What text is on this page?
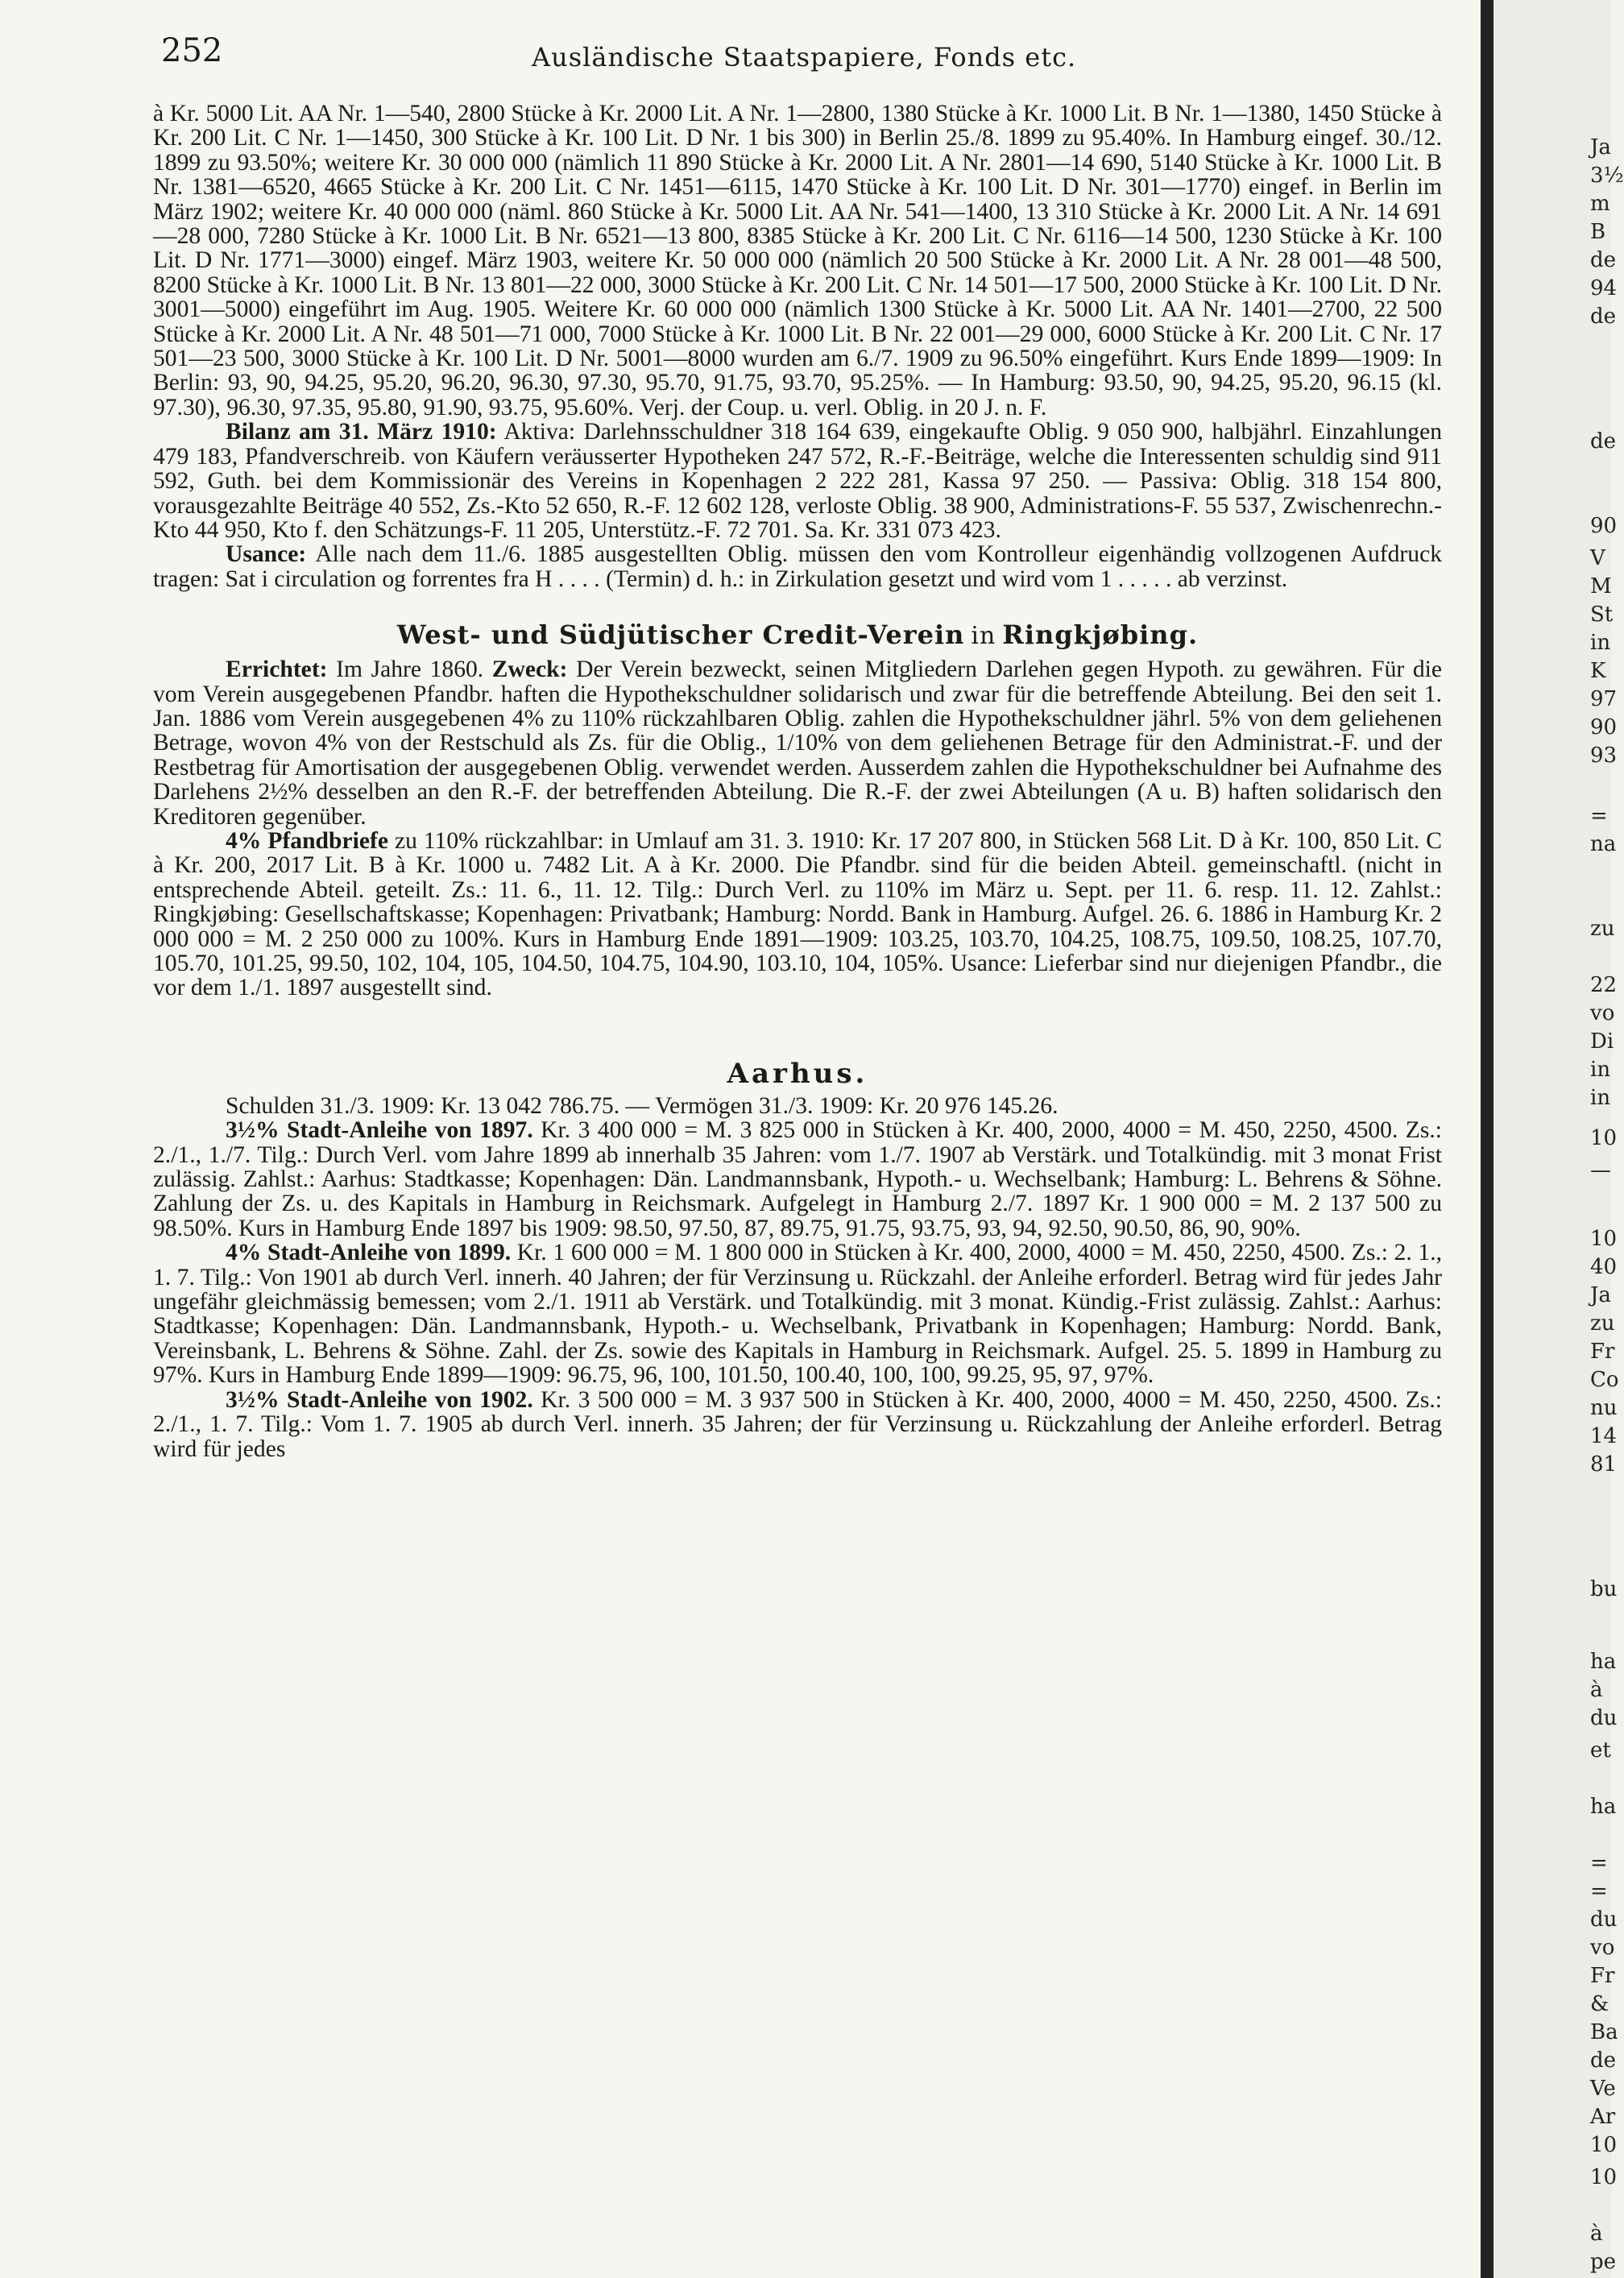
252	Ausländische Staatspapiere, Fonds etc.

à Kr. 5000 Lit. AA Nr. 1—540, 2800 Stücke à Kr. 2000 Lit. A Nr. 1—2800, 1380 Stücke à Kr. 1000 Lit. B Nr. 1—1380, 1450 Stücke à Kr. 200 Lit. C Nr. 1—1450, 300 Stücke à Kr. 100 Lit. D Nr. 1 bis 300) in Berlin 25./8. 1899 zu 95.40%. In Hamburg eingef. 30./12. 1899 zu 93.50%; weitere Kr. 30 000 000 (nämlich 11 890 Stücke à Kr. 2000 Lit. A Nr. 2801—14 690, 5140 Stücke à Kr. 1000 Lit. B Nr. 1381—6520, 4665 Stücke à Kr. 200 Lit. C Nr. 1451—6115, 1470 Stücke à Kr. 100 Lit. D Nr. 301—1770) eingef. in Berlin im März 1902; weitere Kr. 40 000 000 (näml. 860 Stücke à Kr. 5000 Lit. AA Nr. 541—1400, 13 310 Stücke à Kr. 2000 Lit. A Nr. 14 691—28 000, 7280 Stücke à Kr. 1000 Lit. B Nr. 6521—13 800, 8385 Stücke à Kr. 200 Lit. C Nr. 6116—14 500, 1230 Stücke à Kr. 100 Lit. D Nr. 1771—3000) eingef. März 1903, weitere Kr. 50 000 000 (nämlich 20 500 Stücke à Kr. 2000 Lit. A Nr. 28 001—48 500, 8200 Stücke à Kr. 1000 Lit. B Nr. 13 801—22 000, 3000 Stücke à Kr. 200 Lit. C Nr. 14 501—17 500, 2000 Stücke à Kr. 100 Lit. D Nr. 3001—5000) eingeführt im Aug. 1905. Weitere Kr. 60 000 000 (nämlich 1300 Stücke à Kr. 5000 Lit. AA Nr. 1401—2700, 22 500 Stücke à Kr. 2000 Lit. A Nr. 48 501—71 000, 7000 Stücke à Kr. 1000 Lit. B Nr. 22 001—29 000, 6000 Stücke à Kr. 200 Lit. C Nr. 17 501—23 500, 3000 Stücke à Kr. 100 Lit. D Nr. 5001—8000 wurden am 6./7. 1909 zu 96.50% eingeführt. Kurs Ende 1899—1909: In Berlin: 93, 90, 94.25, 95.20, 96.20, 96.30, 97.30, 95.70, 91.75, 93.70, 95.25%. — In Hamburg: 93.50, 90, 94.25, 95.20, 96.15 (kl. 97.30), 96.30, 97.35, 95.80, 91.90, 93.75, 95.60%. Verj. der Coup. u. verl. Oblig. in 20 J. n. F.

Bilanz am 31. März 1910: Aktiva: Darlehnsschuldner 318 164 639, eingekaufte Oblig. 9 050 900, halbjährl. Einzahlungen 479 183, Pfandverschreib. von Käufern veräusserter Hypotheken 247 572, R.-F.-Beiträge, welche die Interessenten schuldig sind 911 592, Guth. bei dem Kommissionär des Vereins in Kopenhagen 2 222 281, Kassa 97 250. — Passiva: Oblig. 318 154 800, vorausgezahlte Beiträge 40 552, Zs.-Kto 52 650, R.-F. 12 602 128, verloste Oblig. 38 900, Administrations-F. 55 537, Zwischenrechn.-Kto 44 950, Kto f. den Schätzungs-F. 11 205, Unterstütz.-F. 72 701. Sa. Kr. 331 073 423.

Usance: Alle nach dem 11./6. 1885 ausgestellten Oblig. müssen den vom Kontrolleur eigenhändig vollzogenen Aufdruck tragen: Sat i circulation og forrentes fra H . . . . (Termin) d. h.: in Zirkulation gesetzt und wird vom 1 . . . . . ab verzinst.

West- und Südjütischer Credit-Verein in Ringkjøbing.

Errichtet: Im Jahre 1860. Zweck: Der Verein bezweckt, seinen Mitgliedern Darlehen gegen Hypoth. zu gewähren. Für die vom Verein ausgegebenen Pfandbr. haften die Hypothekschuldner solidarisch und zwar für die betreffende Abteilung. Bei den seit 1. Jan. 1886 vom Verein ausgegebenen 4% zu 110% rückzahlbaren Oblig. zahlen die Hypothekschuldner jährl. 5% von dem geliehenen Betrage, wovon 4% von der Restschuld als Zs. für die Oblig., 1/10% von dem geliehenen Betrage für den Administrat.-F. und der Restbetrag für Amortisation der ausgegebenen Oblig. verwendet werden. Ausserdem zahlen die Hypothekschuldner bei Aufnahme des Darlehens 2½% desselben an den R.-F. der betreffenden Abteilung. Die R.-F. der zwei Abteilungen (A u. B) haften solidarisch den Kreditoren gegenüber.

4% Pfandbriefe zu 110% rückzahlbar: in Umlauf am 31. 3. 1910: Kr. 17 207 800, in Stücken 568 Lit. D à Kr. 100, 850 Lit. C à Kr. 200, 2017 Lit. B à Kr. 1000 u. 7482 Lit. A à Kr. 2000. Die Pfandbr. sind für die beiden Abteil. gemeinschaftl. (nicht in entsprechende Abteil. geteilt. Zs.: 11. 6., 11. 12. Tilg.: Durch Verl. zu 110% im März u. Sept. per 11. 6. resp. 11. 12. Zahlst.: Ringkjøbing: Gesellschaftskasse; Kopenhagen: Privatbank; Hamburg: Nordd. Bank in Hamburg. Aufgel. 26. 6. 1886 in Hamburg Kr. 2 000 000 = M. 2 250 000 zu 100%. Kurs in Hamburg Ende 1891—1909: 103.25, 103.70, 104.25, 108.75, 109.50, 108.25, 107.70, 105.70, 101.25, 99.50, 102, 104, 105, 104.50, 104.75, 104.90, 103.10, 104, 105%. Usance: Lieferbar sind nur diejenigen Pfandbr., die vor dem 1./1. 1897 ausgestellt sind.

Aarhus.

Schulden 31./3. 1909: Kr. 13 042 786.75. — Vermögen 31./3. 1909: Kr. 20 976 145.26.

3½% Stadt-Anleihe von 1897. Kr. 3 400 000 = M. 3 825 000 in Stücken à Kr. 400, 2000, 4000 = M. 450, 2250, 4500. Zs.: 2./1., 1./7. Tilg.: Durch Verl. vom Jahre 1899 ab innerhalb 35 Jahren: vom 1./7. 1907 ab Verstärk. und Totalkündig. mit 3 monat Frist zulässig. Zahlst.: Aarhus: Stadtkasse; Kopenhagen: Dän. Landmannsbank, Hypoth.- u. Wechselbank; Hamburg: L. Behrens & Söhne. Zahlung der Zs. u. des Kapitals in Hamburg in Reichsmark. Aufgelegt in Hamburg 2./7. 1897 Kr. 1 900 000 = M. 2 137 500 zu 98.50%. Kurs in Hamburg Ende 1897 bis 1909: 98.50, 97.50, 87, 89.75, 91.75, 93.75, 93, 94, 92.50, 90.50, 86, 90, 90%.

4% Stadt-Anleihe von 1899. Kr. 1 600 000 = M. 1 800 000 in Stücken à Kr. 400, 2000, 4000 = M. 450, 2250, 4500. Zs.: 2. 1., 1. 7. Tilg.: Von 1901 ab durch Verl. innerh. 40 Jahren; der für Verzinsung u. Rückzahl. der Anleihe erforderl. Betrag wird für jedes Jahr ungefähr gleichmässig bemessen; vom 2./1. 1911 ab Verstärk. und Totalkündig. mit 3 monat. Kündig.-Frist zulässig. Zahlst.: Aarhus: Stadtkasse; Kopenhagen: Dän. Landmannsbank, Hypoth.- u. Wechselbank, Privatbank in Kopenhagen; Hamburg: Nordd. Bank, Vereinsbank, L. Behrens & Söhne. Zahl. der Zs. sowie des Kapitals in Hamburg in Reichsmark. Aufgel. 25. 5. 1899 in Hamburg zu 97%. Kurs in Hamburg Ende 1899—1909: 96.75, 96, 100, 101.50, 100.40, 100, 100, 99.25, 95, 97, 97%.

3½% Stadt-Anleihe von 1902. Kr. 3 500 000 = M. 3 937 500 in Stücken à Kr. 400, 2000, 4000 = M. 450, 2250, 4500. Zs.: 2./1., 1. 7. Tilg.: Vom 1. 7. 1905 ab durch Verl. innerh. 35 Jahren; der für Verzinsung u. Rückzahlung der Anleihe erforderl. Betrag wird für jedes

Ja
3½
m
B
de
94
de
de
90
V
M
St
in
K
97
90
93
=
na
zu
22
vo
Di
in
in
10
—
10
40
Ja
zu
Fr
Co
nu
14
81
bu
ha
à
du
et
ha
=
=
du
vo
Fr
&
Ba
de
Ve
Ar
10
10
à
pe
